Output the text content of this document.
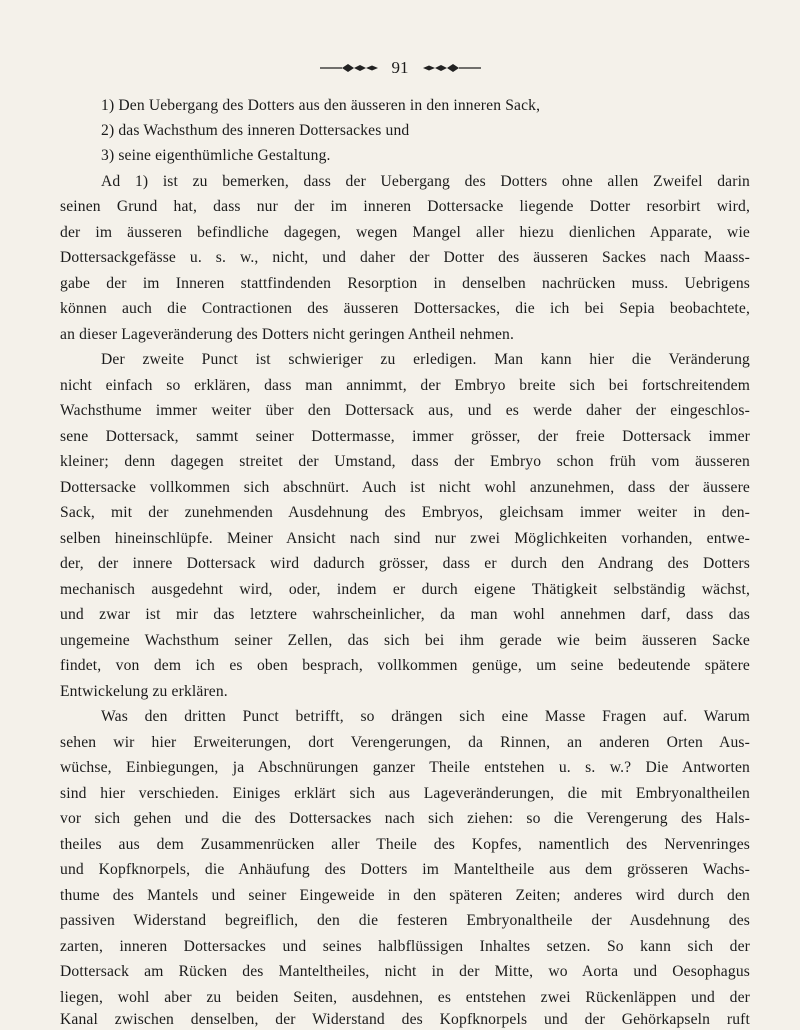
91
1) Den Uebergang des Dotters aus den äusseren in den inneren Sack,
2) das Wachsthum des inneren Dottersackes und
3) seine eigenthümliche Gestaltung.
Ad 1) ist zu bemerken, dass der Uebergang des Dotters ohne allen Zweifel darin
seinen Grund hat, dass nur der im inneren Dottersacke liegende Dotter resorbirt wird,
der im äusseren befindliche dagegen, wegen Mangel aller hiezu dienlichen Apparate, wie
Dottersackgefässe u. s. w., nicht, und daher der Dotter des äusseren Sackes nach Maass-
gabe der im Inneren stattfindenden Resorption in denselben nachrücken muss. Uebrigens
können auch die Contractionen des äusseren Dottersackes, die ich bei Sepia beobachtete,
an dieser Lageveränderung des Dotters nicht geringen Antheil nehmen.
Der zweite Punct ist schwieriger zu erledigen. Man kann hier die Veränderung
nicht einfach so erklären, dass man annimmt, der Embryo breite sich bei fortschreitendem
Wachsthume immer weiter über den Dottersack aus, und es werde daher der eingeschlos-
sene Dottersack, sammt seiner Dottermasse, immer grösser, der freie Dottersack immer
kleiner; denn dagegen streitet der Umstand, dass der Embryo schon früh vom äusseren
Dottersacke vollkommen sich abschnürt. Auch ist nicht wohl anzunehmen, dass der äussere
Sack, mit der zunehmenden Ausdehnung des Embryos, gleichsam immer weiter in den-
selben hineinschlüpfe. Meiner Ansicht nach sind nur zwei Möglichkeiten vorhanden, entwe-
der, der innere Dottersack wird dadurch grösser, dass er durch den Andrang des Dotters
mechanisch ausgedehnt wird, oder, indem er durch eigene Thätigkeit selbständig wächst,
und zwar ist mir das letztere wahrscheinlicher, da man wohl annehmen darf, dass das
ungemeine Wachsthum seiner Zellen, das sich bei ihm gerade wie beim äusseren Sacke
findet, von dem ich es oben besprach, vollkommen genüge, um seine bedeutende spätere
Entwickelung zu erklären.
Was den dritten Punct betrifft, so drängen sich eine Masse Fragen auf. Warum
sehen wir hier Erweiterungen, dort Verengerungen, da Rinnen, an anderen Orten Aus-
wüchse, Einbiegungen, ja Abschnürungen ganzer Theile entstehen u. s. w.? Die Antworten
sind hier verschieden. Einiges erklärt sich aus Lageveränderungen, die mit Embryonaltheilen
vor sich gehen und die des Dottersackes nach sich ziehen: so die Verengerung des Hals-
theiles aus dem Zusammenrücken aller Theile des Kopfes, namentlich des Nervenringes
und Kopfknorpels, die Anhäufung des Dotters im Manteltheile aus dem grösseren Wachs-
thume des Mantels und seiner Eingeweide in den späteren Zeiten; anderes wird durch den
passiven Widerstand begreiflich, den die festeren Embryonaltheile der Ausdehnung des
zarten, inneren Dottersackes und seines halbflüssigen Inhaltes setzen. So kann sich der
Dottersack am Rücken des Manteltheiles, nicht in der Mitte, wo Aorta und Oesophagus
liegen, wohl aber zu beiden Seiten, ausdehnen, es entstehen zwei Rückenläppen und der
Kanal zwischen denselben, der Widerstand des Kopfknorpels und der Gehörkapseln ruft
